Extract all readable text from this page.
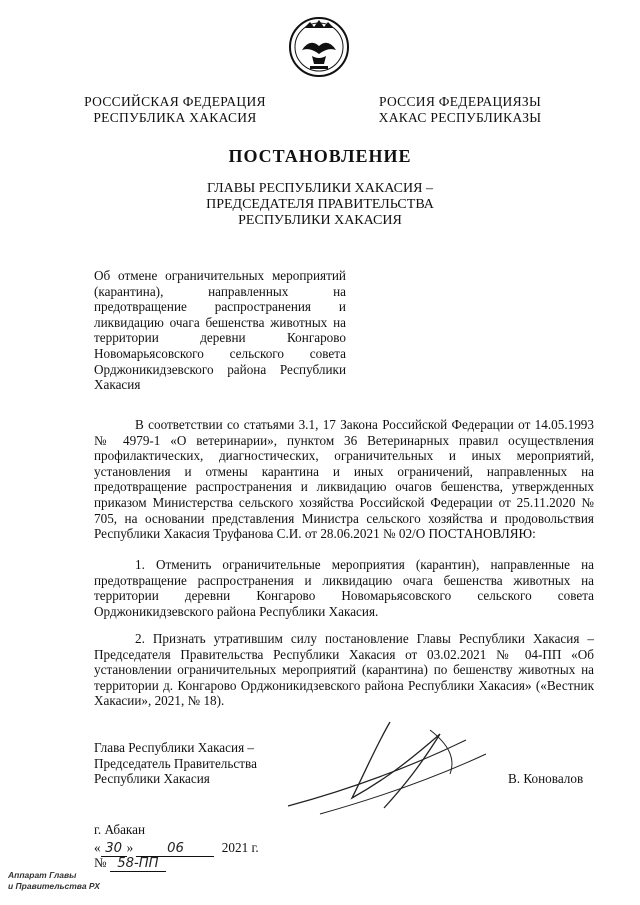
РОССИЙСКАЯ ФЕДЕРАЦИЯ
РЕСПУБЛИКА ХАКАСИЯ
РОССИЯ ФЕДЕРАЦИЯЗЫ
ХАКАС РЕСПУБЛИКАЗЫ
ПОСТАНОВЛЕНИЕ
ГЛАВЫ РЕСПУБЛИКИ ХАКАСИЯ –
ПРЕДСЕДАТЕЛЯ ПРАВИТЕЛЬСТВА
РЕСПУБЛИКИ ХАКАСИЯ
Об отмене ограничительных мероприятий (карантина), направленных на предотвращение распространения и ликвидацию очага бешенства животных на территории деревни Конгарово Новомарьясовского сельского совета Орджоникидзевского района Республики Хакасия
В соответствии со статьями 3.1, 17 Закона Российской Федерации от 14.05.1993 № 4979-1 «О ветеринарии», пунктом 36 Ветеринарных правил осуществления профилактических, диагностических, ограничительных и иных мероприятий, установления и отмены карантина и иных ограничений, направленных на предотвращение распространения и ликвидацию очагов бешенства, утвержденных приказом Министерства сельского хозяйства Российской Федерации от 25.11.2020 № 705, на основании представления Министра сельского хозяйства и продовольствия Республики Хакасия Труфанова С.И. от 28.06.2021 № 02/О ПОСТАНОВЛЯЮ:
1. Отменить ограничительные мероприятия (карантин), направленные на предотвращение распространения и ликвидацию очага бешенства животных на территории деревни Конгарово Новомарьясовского сельского совета Орджоникидзевского района Республики Хакасия.
2. Признать утратившим силу постановление Главы Республики Хакасия – Председателя Правительства Республики Хакасия от 03.02.2021 № 04-ПП «Об установлении ограничительных мероприятий (карантина) по бешенству животных на территории д. Конгарово Орджоникидзевского района Республики Хакасия» («Вестник Хакасии», 2021, № 18).
Глава Республики Хакасия –
Председатель Правительства
Республики Хакасия	В. Коновалов
г. Абакан
« 30 »	06	2021 г.
№ 58-ПП
Аппарат Главы
и Правительства РХ
